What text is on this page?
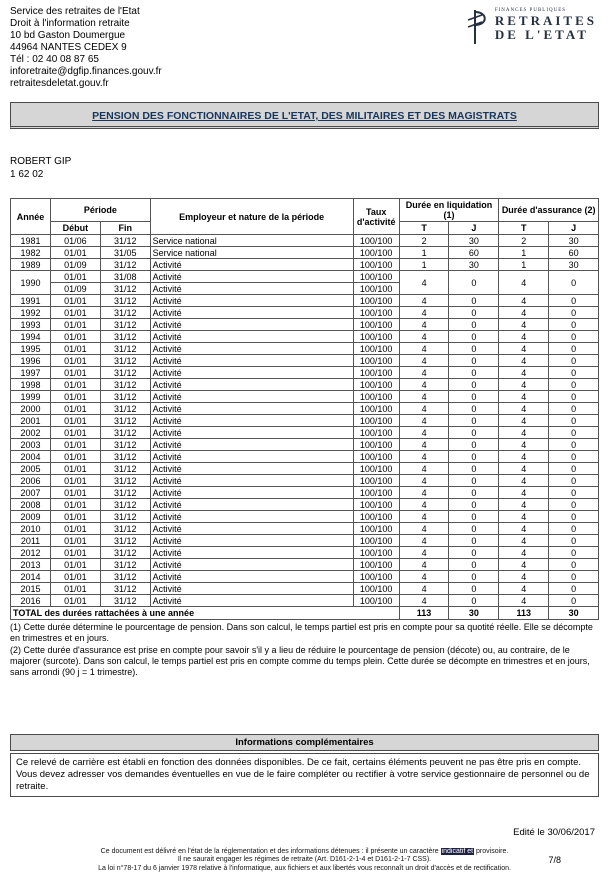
Service des retraites de l'Etat
Droit à l'information retraite
10 bd Gaston Doumergue
44964 NANTES CEDEX 9
Tél : 02 40 08 87 65
inforetraite@dgfip.finances.gouv.fr
retraitesdeletat.gouv.fr
FINANCES PUBLIQUES
RETRAITES
DE L'ETAT
PENSION DES FONCTIONNAIRES DE L'ETAT, DES MILITAIRES ET DES MAGISTRATS
ROBERT GIP
1 62 02
Année	Période		Employeur et nature de la période	Taux d'activité	Durée en liquidation (1)		Durée d'assurance (2)	
	Début	Fin			T	J	T	J
1981	01/06	31/12	Service national	100/100	2	30	2	30
1982	01/01	31/05	Service national	100/100	1	60	1	60
1989	01/09	31/12	Activité	100/100	1	30	1	30
1990	01/01	31/08	Activité	100/100	4	0	4	0
	01/09	31/12	Activité	100/100				
1991	01/01	31/12	Activité	100/100	4	0	4	0
1992	01/01	31/12	Activité	100/100	4	0	4	0
1993	01/01	31/12	Activité	100/100	4	0	4	0
1994	01/01	31/12	Activité	100/100	4	0	4	0
1995	01/01	31/12	Activité	100/100	4	0	4	0
1996	01/01	31/12	Activité	100/100	4	0	4	0
1997	01/01	31/12	Activité	100/100	4	0	4	0
1998	01/01	31/12	Activité	100/100	4	0	4	0
1999	01/01	31/12	Activité	100/100	4	0	4	0
2000	01/01	31/12	Activité	100/100	4	0	4	0
2001	01/01	31/12	Activité	100/100	4	0	4	0
2002	01/01	31/12	Activité	100/100	4	0	4	0
2003	01/01	31/12	Activité	100/100	4	0	4	0
2004	01/01	31/12	Activité	100/100	4	0	4	0
2005	01/01	31/12	Activité	100/100	4	0	4	0
2006	01/01	31/12	Activité	100/100	4	0	4	0
2007	01/01	31/12	Activité	100/100	4	0	4	0
2008	01/01	31/12	Activité	100/100	4	0	4	0
2009	01/01	31/12	Activité	100/100	4	0	4	0
2010	01/01	31/12	Activité	100/100	4	0	4	0
2011	01/01	31/12	Activité	100/100	4	0	4	0
2012	01/01	31/12	Activité	100/100	4	0	4	0
2013	01/01	31/12	Activité	100/100	4	0	4	0
2014	01/01	31/12	Activité	100/100	4	0	4	0
2015	01/01	31/12	Activité	100/100	4	0	4	0
2016	01/01	31/12	Activité	100/100	4	0	4	0
TOTAL des durées rattachées à une année					113	30	113	30
(1) Cette durée détermine le pourcentage de pension. Dans son calcul, le temps partiel est pris en compte pour sa quotité réelle. Elle se décompte en trimestres et en jours.
(2) Cette durée d'assurance est prise en compte pour savoir s'il y a lieu de réduire le pourcentage de pension (décote) ou, au contraire, de le majorer (surcote). Dans son calcul, le temps partiel est pris en compte comme du temps plein. Cette durée se décompte en trimestres et en jours, sans arrondi (90 j = 1 trimestre).
Informations complémentaires
Ce relevé de carrière est établi en fonction des données disponibles. De ce fait, certains éléments peuvent ne pas être pris en compte. Vous devez adresser vos demandes éventuelles en vue de le faire compléter ou rectifier à votre service gestionnaire de personnel ou de retraite.
Edité le 30/06/2017
Ce document est délivré en l'état de la réglementation et des informations détenues : il présente un caractère indicatif et provisoire.
Il ne saurait engager les régimes de retraite (Art. D161-2-1-4 et D161-2-1-7 CSS).
La loi n°78-17 du 6 janvier 1978 relative à l'informatique, aux fichiers et aux libertés vous reconnaît un droit d'accès et de rectification.
7/8
